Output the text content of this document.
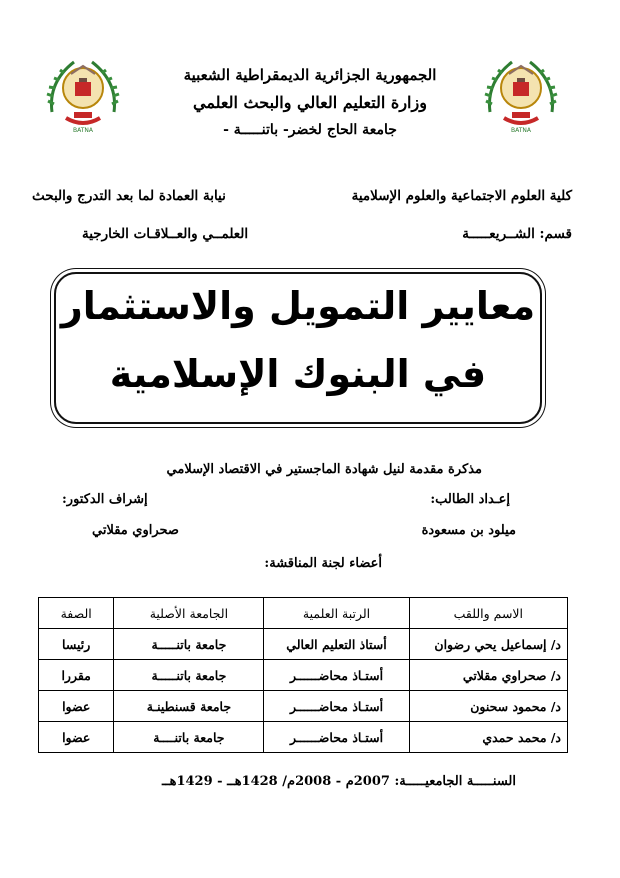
BATNA	BATNA
الجمهورية الجزائرية الديمقراطية الشعبية
وزارة التعليم العالي والبحث العلمي
جامعة الحاج لخضر- باتنـــــة -
كلية العلوم الاجتماعية والعلوم الإسلامية
قسم: الشــريعـــــة
نيابة العمادة لما بعد التدرج والبحث
العلمــي والعــلاقـات الخارجية
معايير التمويل والاستثمار
في البنوك الإسلامية
مذكرة مقدمة لنيل شهادة الماجستير في الاقتصاد الإسلامي
إعـداد الطالب:
إشراف الدكتور:
ميلود بن مسعودة
صحراوي مقلاتي
أعضاء لجنة المناقشة:
الاسم واللقب	الرتبة العلمية	الجامعة الأصلية	الصفة
د/ إسماعيل يحي رضوان	أستاذ التعليم العالي	جامعة باتنـــــة	رئيسا
د/ صحراوي مقلاتي	أستـاذ محاضــــــر	جامعة باتنـــــة	مقررا
د/ محمود سحنون	أستـاذ محاضــــــر	جامعة قسنطينـة	عضوا
د/ محمد حمدي	أستـاذ محاضــــــر	جامعة باتنــــة	عضوا
السنـــــة الجامعيـــــة: 2007م - 2008م/ 1428هــ - 1429هــ
